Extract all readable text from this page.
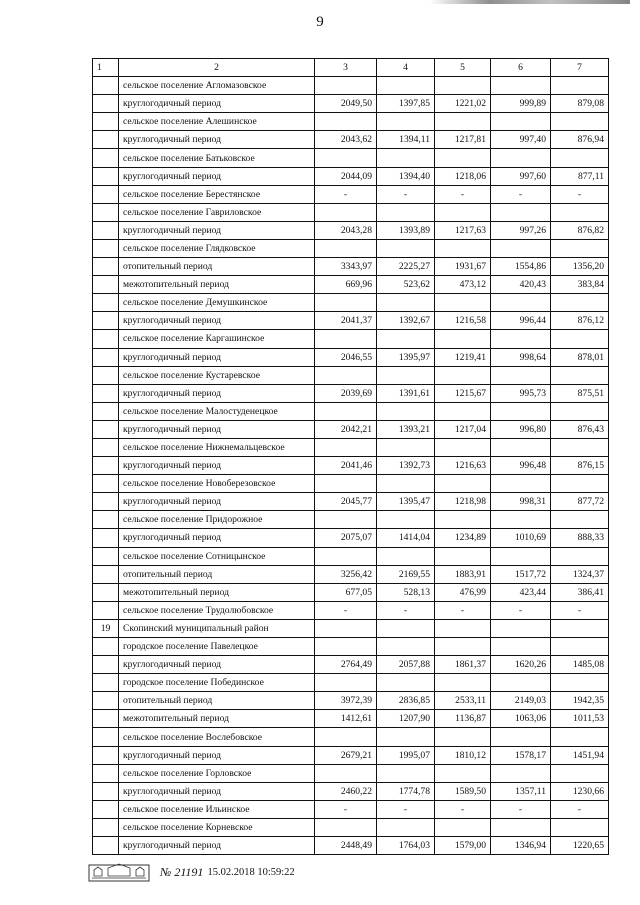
9
1	2	3	4	5	6	7
	сельское поселение Агломазовское					
	круглогодичный период	2049,50	1397,85	1221,02	999,89	879,08
	сельское поселение Алешинское					
	круглогодичный период	2043,62	1394,11	1217,81	997,40	876,94
	сельское поселение Батьковское					
	круглогодичный период	2044,09	1394,40	1218,06	997,60	877,11
	сельское поселение Берестянское	-	-	-	-	-
	сельское поселение Гавриловское					
	круглогодичный период	2043,28	1393,89	1217,63	997,26	876,82
	сельское поселение Глядковское					
	отопительный период	3343,97	2225,27	1931,67	1554,86	1356,20
	межотопительный период	669,96	523,62	473,12	420,43	383,84
	сельское поселение Демушкинское					
	круглогодичный период	2041,37	1392,67	1216,58	996,44	876,12
	сельское поселение Каргашинское					
	круглогодичный период	2046,55	1395,97	1219,41	998,64	878,01
	сельское поселение Кустаревское					
	круглогодичный период	2039,69	1391,61	1215,67	995,73	875,51
	сельское поселение Малостуденецкое					
	круглогодичный период	2042,21	1393,21	1217,04	996,80	876,43
	сельское поселение Нижнемальцевское					
	круглогодичный период	2041,46	1392,73	1216,63	996,48	876,15
	сельское поселение Новоберезовское					
	круглогодичный период	2045,77	1395,47	1218,98	998,31	877,72
	сельское поселение Придорожное					
	круглогодичный период	2075,07	1414,04	1234,89	1010,69	888,33
	сельское поселение Сотницынское					
	отопительный период	3256,42	2169,55	1883,91	1517,72	1324,37
	межотопительный период	677,05	528,13	476,99	423,44	386,41
	сельское поселение Трудолюбовское	-	-	-	-	-
19	Скопинский муниципальный район					
	городское поселение Павелецкое					
	круглогодичный период	2764,49	2057,88	1861,37	1620,26	1485,08
	городское поселение Побединское					
	отопительный период	3972,39	2836,85	2533,11	2149,03	1942,35
	межотопительный период	1412,61	1207,90	1136,87	1063,06	1011,53
	сельское поселение Вослебовское					
	круглогодичный период	2679,21	1995,07	1810,12	1578,17	1451,94
	сельское поселение Горловское					
	круглогодичный период	2460,22	1774,78	1589,50	1357,11	1230,66
	сельское поселение Ильинское	-	-	-	-	-
	сельское поселение Корневское					
	круглогодичный период	2448,49	1764,03	1579,00	1346,94	1220,65
№ 21191 15.02.2018 10:59:22
